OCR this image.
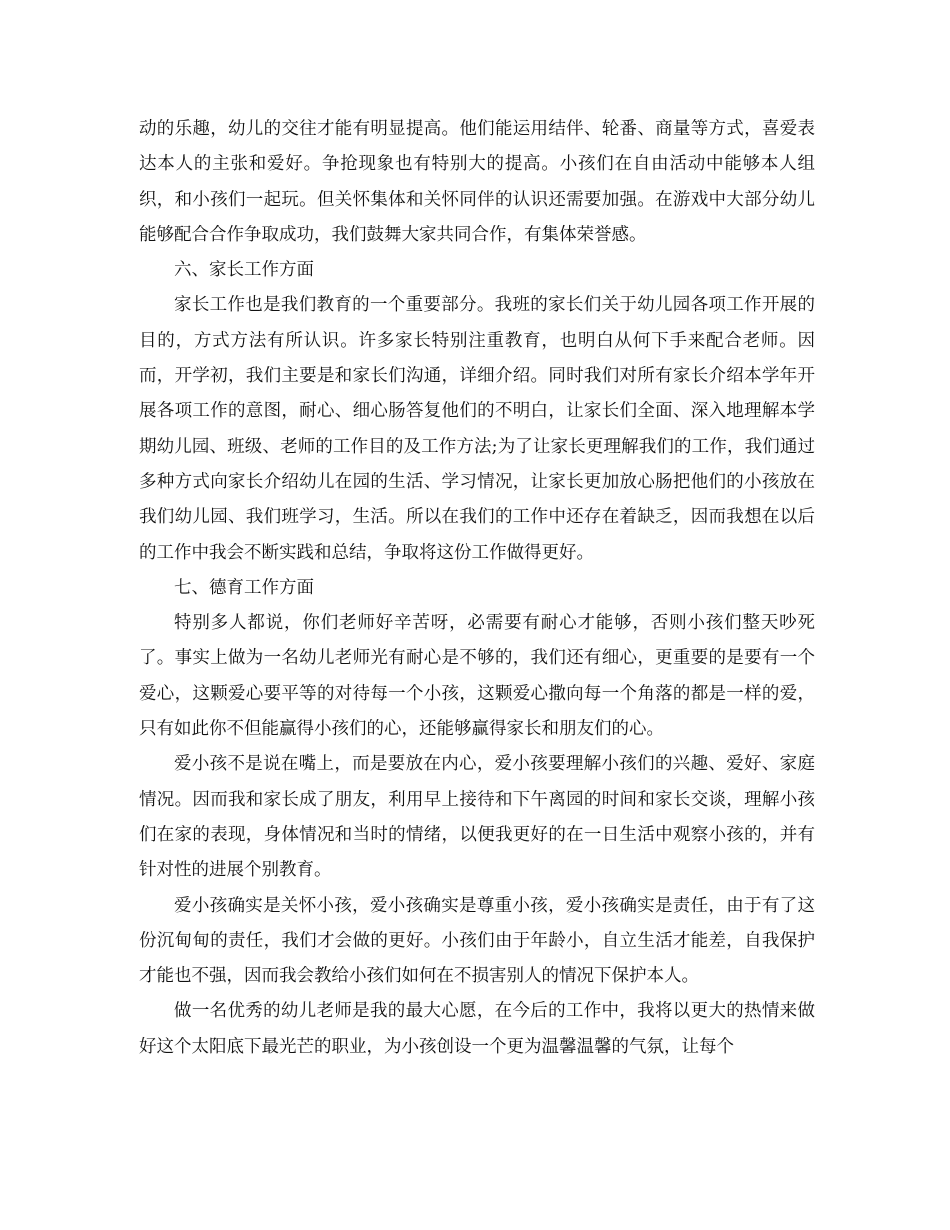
动的乐趣，幼儿的交往才能有明显提高。他们能运用结伴、轮番、商量等方式，喜爱表达本人的主张和爱好。争抢现象也有特别大的提高。小孩们在自由活动中能够本人组织，和小孩们一起玩。但关怀集体和关怀同伴的认识还需要加强。在游戏中大部分幼儿能够配合合作争取成功，我们鼓舞大家共同合作，有集体荣誉感。

六、家长工作方面

家长工作也是我们教育的一个重要部分。我班的家长们关于幼儿园各项工作开展的目的，方式方法有所认识。许多家长特别注重教育，也明白从何下手来配合老师。因而，开学初，我们主要是和家长们沟通，详细介绍。同时我们对所有家长介绍本学年开展各项工作的意图，耐心、细心肠答复他们的不明白，让家长们全面、深入地理解本学期幼儿园、班级、老师的工作目的及工作方法;为了让家长更理解我们的工作，我们通过多种方式向家长介绍幼儿在园的生活、学习情况，让家长更加放心肠把他们的小孩放在我们幼儿园、我们班学习，生活。所以在我们的工作中还存在着缺乏，因而我想在以后的工作中我会不断实践和总结，争取将这份工作做得更好。

七、德育工作方面

特别多人都说，你们老师好辛苦呀，必需要有耐心才能够，否则小孩们整天吵死了。事实上做为一名幼儿老师光有耐心是不够的，我们还有细心，更重要的是要有一个爱心，这颗爱心要平等的对待每一个小孩，这颗爱心撒向每一个角落的都是一样的爱，只有如此你不但能赢得小孩们的心，还能够赢得家长和朋友们的心。

爱小孩不是说在嘴上，而是要放在内心，爱小孩要理解小孩们的兴趣、爱好、家庭情况。因而我和家长成了朋友，利用早上接待和下午离园的时间和家长交谈，理解小孩们在家的表现，身体情况和当时的情绪，以便我更好的在一日生活中观察小孩的，并有针对性的进展个别教育。

爱小孩确实是关怀小孩，爱小孩确实是尊重小孩，爱小孩确实是责任，由于有了这份沉甸甸的责任，我们才会做的更好。小孩们由于年龄小，自立生活才能差，自我保护才能也不强，因而我会教给小孩们如何在不损害别人的情况下保护本人。

做一名优秀的幼儿老师是我的最大心愿，在今后的工作中，我将以更大的热情来做好这个太阳底下最光芒的职业，为小孩创设一个更为温馨温馨的气氛，让每个
